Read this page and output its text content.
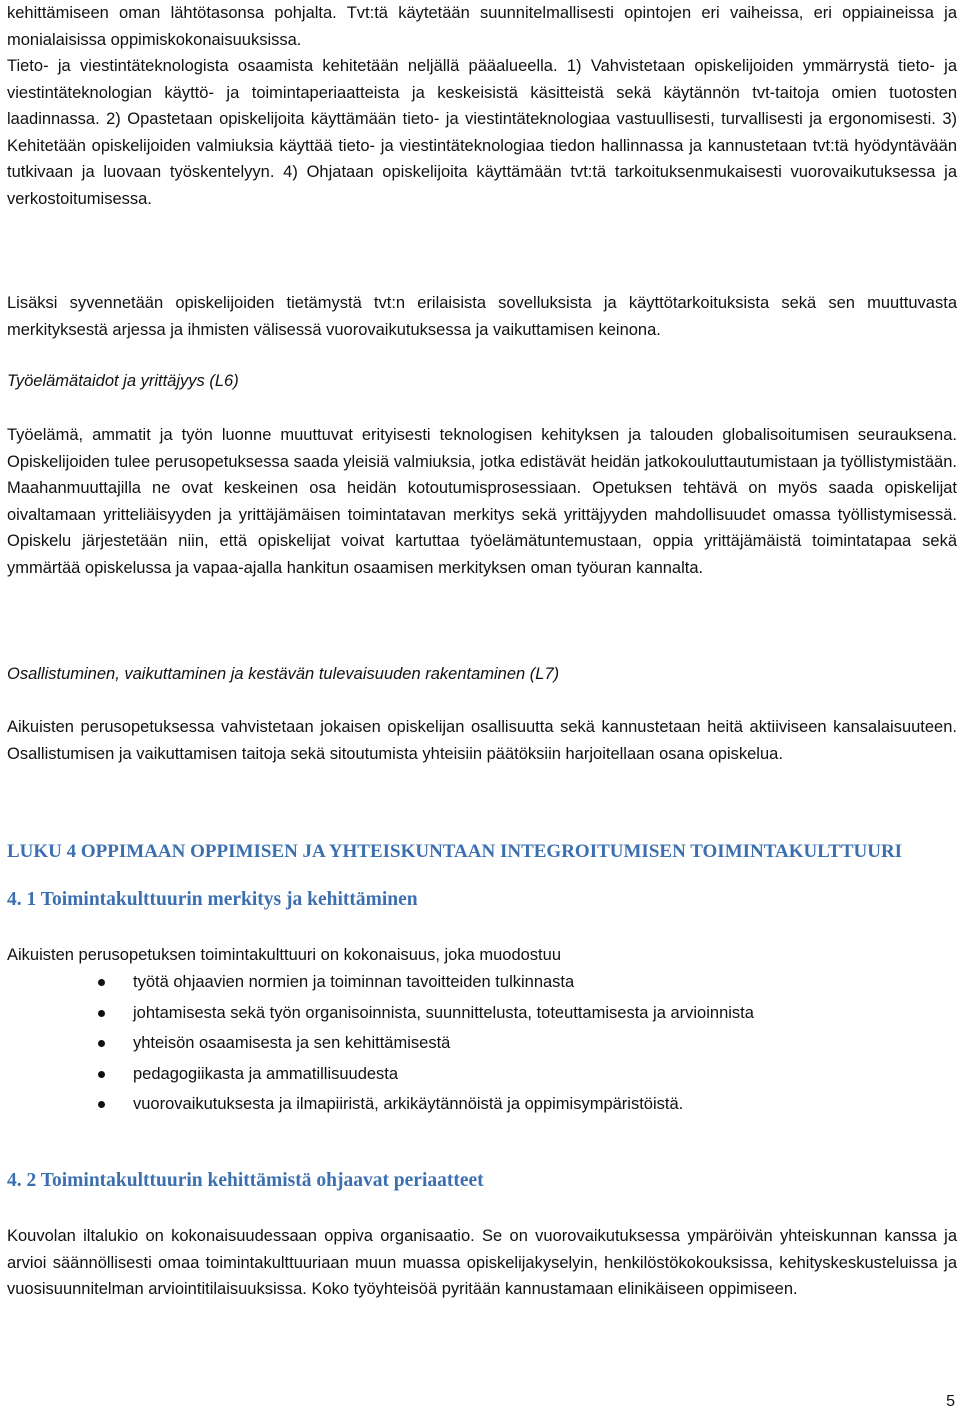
kehittämiseen oman lähtötasonsa pohjalta. Tvt:tä käytetään suunnitelmallisesti opintojen eri vaiheissa, eri oppiaineissa ja monialaisissa oppimiskokonaisuuksissa.

Tieto- ja viestintäteknologista osaamista kehitetään neljällä pääalueella. 1) Vahvistetaan opiskelijoiden ymmärrystä tieto- ja viestintäteknologian käyttö- ja toimintaperiaatteista ja keskeisistä käsitteistä sekä käytännön tvt-taitoja omien tuotosten laadinnassa. 2) Opastetaan opiskelijoita käyttämään tieto- ja viestintäteknologiaa vastuullisesti, turvallisesti ja ergonomisesti. 3) Kehitetään opiskelijoiden valmiuksia käyttää tieto- ja viestintäteknologiaa tiedon hallinnassa ja kannustetaan tvt:tä hyödyntävään tutkivaan ja luovaan työskentelyyn. 4) Ohjataan opiskelijoita käyttämään tvt:tä tarkoituksenmukaisesti vuorovaikutuksessa ja verkostoitumisessa.

Lisäksi syvennetään opiskelijoiden tietämystä tvt:n erilaisista sovelluksista ja käyttötarkoituksista sekä sen muuttuvasta merkityksestä arjessa ja ihmisten välisessä vuorovaikutuksessa ja vaikuttamisen keinona.

Työelämätaidot ja yrittäjyys (L6)

Työelämä, ammatit ja työn luonne muuttuvat erityisesti teknologisen kehityksen ja talouden globalisoitumisen seurauksena. Opiskelijoiden tulee perusopetuksessa saada yleisiä valmiuksia, jotka edistävät heidän jatkokouluttautumistaan ja työllistymistään. Maahanmuuttajilla ne ovat keskeinen osa heidän kotoutumisprosessiaan. Opetuksen tehtävä on myös saada opiskelijat oivaltamaan yritteliäisyyden ja yrittäjämäisen toimintatavan merkitys sekä yrittäjyyden mahdollisuudet omassa työllistymisessä. Opiskelu järjestetään niin, että opiskelijat voivat kartuttaa työelämätuntemustaan, oppia yrittäjämäistä toimintatapaa sekä ymmärtää opiskelussa ja vapaa-ajalla hankitun osaamisen merkityksen oman työuran kannalta.

Osallistuminen, vaikuttaminen ja kestävän tulevaisuuden rakentaminen (L7)

Aikuisten perusopetuksessa vahvistetaan jokaisen opiskelijan osallisuutta sekä kannustetaan heitä aktiiviseen kansalaisuuteen. Osallistumisen ja vaikuttamisen taitoja sekä sitoutumista yhteisiin päätöksiin harjoitellaan osana opiskelua.

LUKU 4 OPPIMAAN OPPIMISEN JA YHTEISKUNTAAN INTEGROITUMISEN TOIMINTAKULTTUURI
4. 1 Toimintakulttuurin merkitys ja kehittäminen

Aikuisten perusopetuksen toimintakulttuuri on kokonaisuus, joka muodostuu

työtä ohjaavien normien ja toiminnan tavoitteiden tulkinnasta
johtamisesta sekä työn organisoinnista, suunnittelusta, toteuttamisesta ja arvioinnista
yhteisön osaamisesta ja sen kehittämisestä
pedagogiikasta ja ammatillisuudesta
vuorovaikutuksesta ja ilmapiiristä, arkikäytännöistä ja oppimisympäristöistä.
4. 2 Toimintakulttuurin kehittämistä ohjaavat periaatteet

Kouvolan iltalukio on kokonaisuudessaan oppiva organisaatio. Se on vuorovaikutuksessa ympäröivän yhteiskunnan kanssa ja arvioi säännöllisesti omaa toimintakulttuuriaan muun muassa opiskelijakyselyin, henkilöstökokouksissa, kehityskeskusteluissa ja vuosisuunnitelman arviointitilaisuuksissa. Koko työyhteisöä pyritään kannustamaan elinikäiseen oppimiseen.

5
